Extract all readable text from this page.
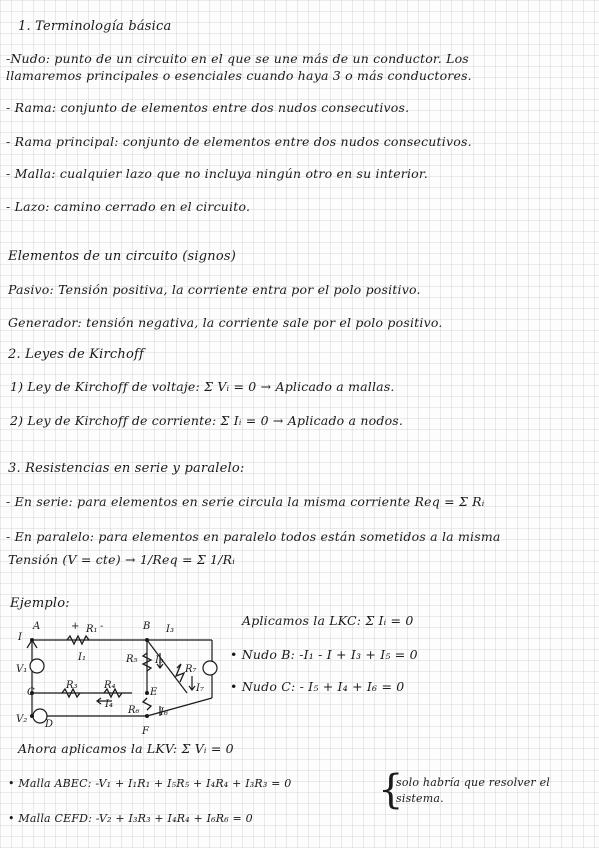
1. Terminología básica
-Nudo: punto de un circuito en el que se une más de un conductor. Los
llamaremos principales o esenciales cuando haya 3 o más conductores.
- Rama: conjunto de elementos entre dos nudos consecutivos.
- Rama principal: conjunto de elementos entre dos nudos consecutivos.
- Malla: cualquier lazo que no incluya ningún otro en su interior.
- Lazo: camino cerrado en el circuito.
Elementos de un circuito (signos)
Pasivo: Tensión positiva, la corriente entra por el polo positivo.
Generador: tensión negativa, la corriente sale por el polo positivo.
2. Leyes de Kirchoff
1) Ley de Kirchoff de voltaje: Σ Vᵢ = 0 → Aplicado a mallas.
2) Ley de Kirchoff de corriente: Σ Iᵢ = 0 → Aplicado a nodos.
3. Resistencias en serie y paralelo:
- En serie: para elementos en serie circula la misma corriente Req = Σ Rᵢ
- En paralelo: para elementos en paralelo todos están sometidos a la misma
Tensión (V = cte) → 1/Req = Σ 1/Rᵢ
Ejemplo:
A	B
C
D
E
F
I
I₁
I₃
I₄
I₅
I₆
I₇
R₁
R₃	R₄
R₅
R₆
R₇
V₁
V₂
+ -	Aplicamos la LKC: Σ Iᵢ = 0
• Nudo B: -I₁ - I + I₃ + I₅ = 0
• Nudo C: - I₅ + I₄ + I₆ = 0
Ahora aplicamos la LKV: Σ Vᵢ = 0
• Malla ABEC: -V₁ + I₁R₁ + I₅R₅ + I₄R₄ + I₃R₃ = 0
• Malla CEFD: -V₂ + I₃R₃ + I₄R₄ + I₆R₆ = 0
{
solo habría que resolver el
sistema.
